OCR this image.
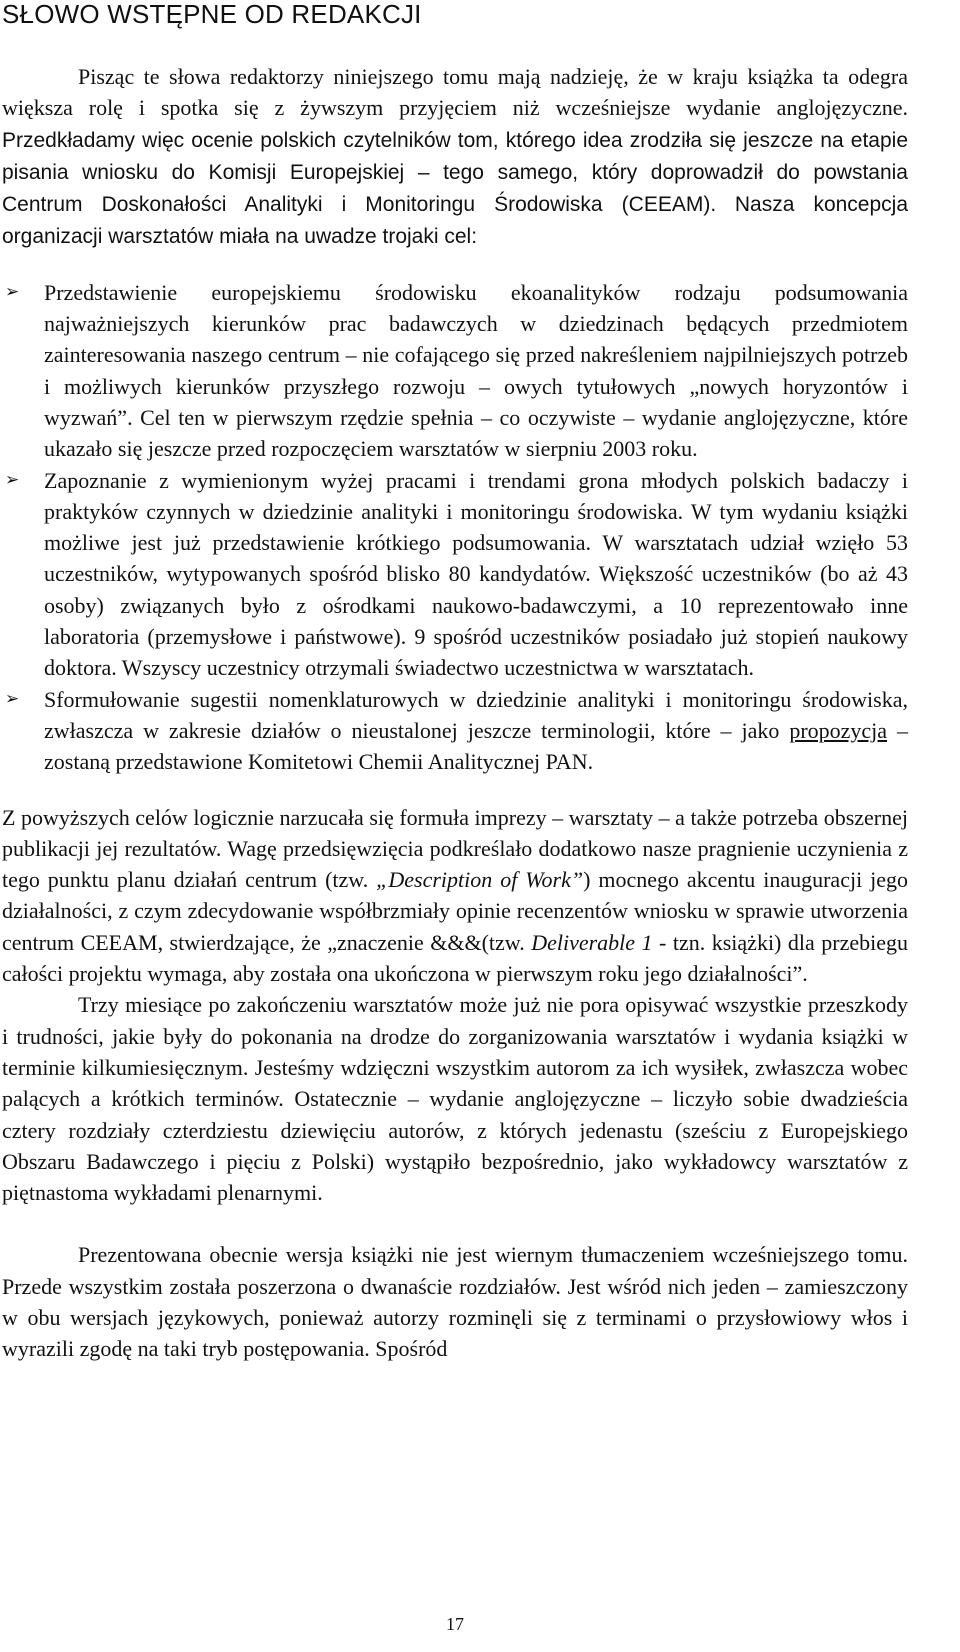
SŁOWO WSTĘPNE OD REDAKCJI

Pisząc te słowa redaktorzy niniejszego tomu mają nadzieję, że w kraju książka ta odegra większa rolę i spotka się z żywszym przyjęciem niż wcześniejsze wydanie anglojęzyczne. Przedkładamy więc ocenie polskich czytelników tom, którego idea zrodziła się jeszcze na etapie pisania wniosku do Komisji Europejskiej – tego samego, który doprowadził do powstania Centrum Doskonałości Analityki i Monitoringu Środowiska (CEEAM). Nasza koncepcja organizacji warsztatów miała na uwadze trojaki cel:

➢ Przedstawienie europejskiemu środowisku ekoanalityków rodzaju podsumowania najważniejszych kierunków prac badawczych w dziedzinach będących przedmiotem zainteresowania naszego centrum – nie cofającego się przed nakreśleniem najpilniejszych potrzeb i możliwych kierunków przyszłego rozwoju – owych tytułowych „nowych horyzontów i wyzwań”. Cel ten w pierwszym rzędzie spełnia – co oczywiste – wydanie anglojęzyczne, które ukazało się jeszcze przed rozpoczęciem warsztatów w sierpniu 2003 roku.
➢ Zapoznanie z wymienionym wyżej pracami i trendami grona młodych polskich badaczy i praktyków czynnych w dziedzinie analityki i monitoringu środowiska. W tym wydaniu książki możliwe jest już przedstawienie krótkiego podsumowania. W warsztatach udział wzięło 53 uczestników, wytypowanych spośród blisko 80 kandydatów. Większość uczestników (bo aż 43 osoby) związanych było z ośrodkami naukowo-badawczymi, a 10 reprezentowało inne laboratoria (przemysłowe i państwowe). 9 spośród uczestników posiadało już stopień naukowy doktora. Wszyscy uczestnicy otrzymali świadectwo uczestnictwa w warsztatach.
➢ Sformułowanie sugestii nomenklaturowych w dziedzinie analityki i monitoringu środowiska, zwłaszcza w zakresie działów o nieustalonej jeszcze terminologii, które – jako propozycja – zostaną przedstawione Komitetowi Chemii Analitycznej PAN.

Z powyższych celów logicznie narzucała się formuła imprezy – warsztaty – a także potrzeba obszernej publikacji jej rezultatów. Wagę przedsięwzięcia podkreślało dodatkowo nasze pragnienie uczynienia z tego punktu planu działań centrum (tzw. „Description of Work”) mocnego akcentu inauguracji jego działalności, z czym zdecydowanie współbrzmiały opinie recenzentów wniosku w sprawie utworzenia centrum CEEAM, stwierdzające, że „znaczenie &&&(tzw. Deliverable 1 - tzn. książki) dla przebiegu całości projektu wymaga, aby została ona ukończona w pierwszym roku jego działalności”.

Trzy miesiące po zakończeniu warsztatów może już nie pora opisywać wszystkie przeszkody i trudności, jakie były do pokonania na drodze do zorganizowania warsztatów i wydania książki w terminie kilkumiesięcznym. Jesteśmy wdzięczni wszystkim autorom za ich wysiłek, zwłaszcza wobec palących a krótkich terminów. Ostatecznie – wydanie anglojęzyczne – liczyło sobie dwadzieścia cztery rozdziały czterdziestu dziewięciu autorów, z których jedenastu (sześciu z Europejskiego Obszaru Badawczego i pięciu z Polski) wystąpiło bezpośrednio, jako wykładowcy warsztatów z piętnastoma wykładami plenarnymi.

Prezentowana obecnie wersja książki nie jest wiernym tłumaczeniem wcześniejszego tomu. Przede wszystkim została poszerzona o dwanaście rozdziałów. Jest wśród nich jeden – zamieszczony w obu wersjach językowych, ponieważ autorzy rozminęli się z terminami o przysłowiowy włos i wyrazili zgodę na taki tryb postępowania. Spośród

17
